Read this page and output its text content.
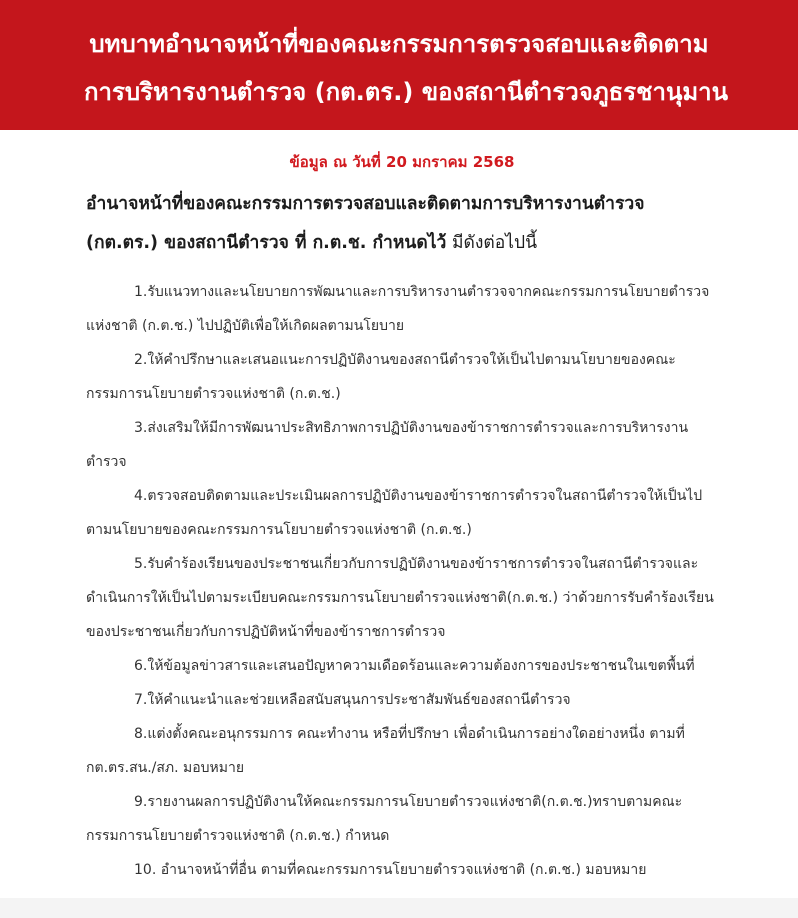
บทบาทอำนาจหน้าที่ของคณะกรรมการตรวจสอบและติดตาม
การบริหารงานตำรวจ (กต.ตร.) ของสถานีตำรวจภูธรชานุมาน
ข้อมูล ณ วันที่ 20 มกราคม 2568
อำนาจหน้าที่ของคณะกรรมการตรวจสอบและติดตามการบริหารงานตำรวจ
(กต.ตร.) ของสถานีตำรวจ ที่ ก.ต.ช. กำหนดไว้ มีดังต่อไปนี้
1.รับแนวทางและนโยบายการพัฒนาและการบริหารงานตำรวจจากคณะกรรมการนโยบายตำรวจแห่งชาติ (ก.ต.ช.) ไปปฏิบัติเพื่อให้เกิดผลตามนโยบาย
2.ให้คำปรึกษาและเสนอแนะการปฏิบัติงานของสถานีตำรวจให้เป็นไปตามนโยบายของคณะกรรมการนโยบายตำรวจแห่งชาติ (ก.ต.ช.)
3.ส่งเสริมให้มีการพัฒนาประสิทธิภาพการปฏิบัติงานของข้าราชการตำรวจและการบริหารงานตำรวจ
4.ตรวจสอบติดตามและประเมินผลการปฏิบัติงานของข้าราชการตำรวจในสถานีตำรวจให้เป็นไปตามนโยบายของคณะกรรมการนโยบายตำรวจแห่งชาติ (ก.ต.ช.)
5.รับคำร้องเรียนของประชาชนเกี่ยวกับการปฏิบัติงานของข้าราชการตำรวจในสถานีตำรวจและดำเนินการให้เป็นไปตามระเบียบคณะกรรมการนโยบายตำรวจแห่งชาติ(ก.ต.ช.) ว่าด้วยการรับคำร้องเรียนของประชาชนเกี่ยวกับการปฏิบัติหน้าที่ของข้าราชการตำรวจ
6.ให้ข้อมูลข่าวสารและเสนอปัญหาความเดือดร้อนและความต้องการของประชาชนในเขตพื้นที่
7.ให้คำแนะนำและช่วยเหลือสนับสนุนการประชาสัมพันธ์ของสถานีตำรวจ
8.แต่งตั้งคณะอนุกรรมการ คณะทำงาน หรือที่ปรึกษา เพื่อดำเนินการอย่างใดอย่างหนึ่ง ตามที่ กต.ตร.สน./สภ. มอบหมาย
9.รายงานผลการปฏิบัติงานให้คณะกรรมการนโยบายตำรวจแห่งชาติ(ก.ต.ช.)ทราบตามคณะกรรมการนโยบายตำรวจแห่งชาติ (ก.ต.ช.) กำหนด
10. อำนาจหน้าที่อื่น ตามที่คณะกรรมการนโยบายตำรวจแห่งชาติ (ก.ต.ช.) มอบหมาย
